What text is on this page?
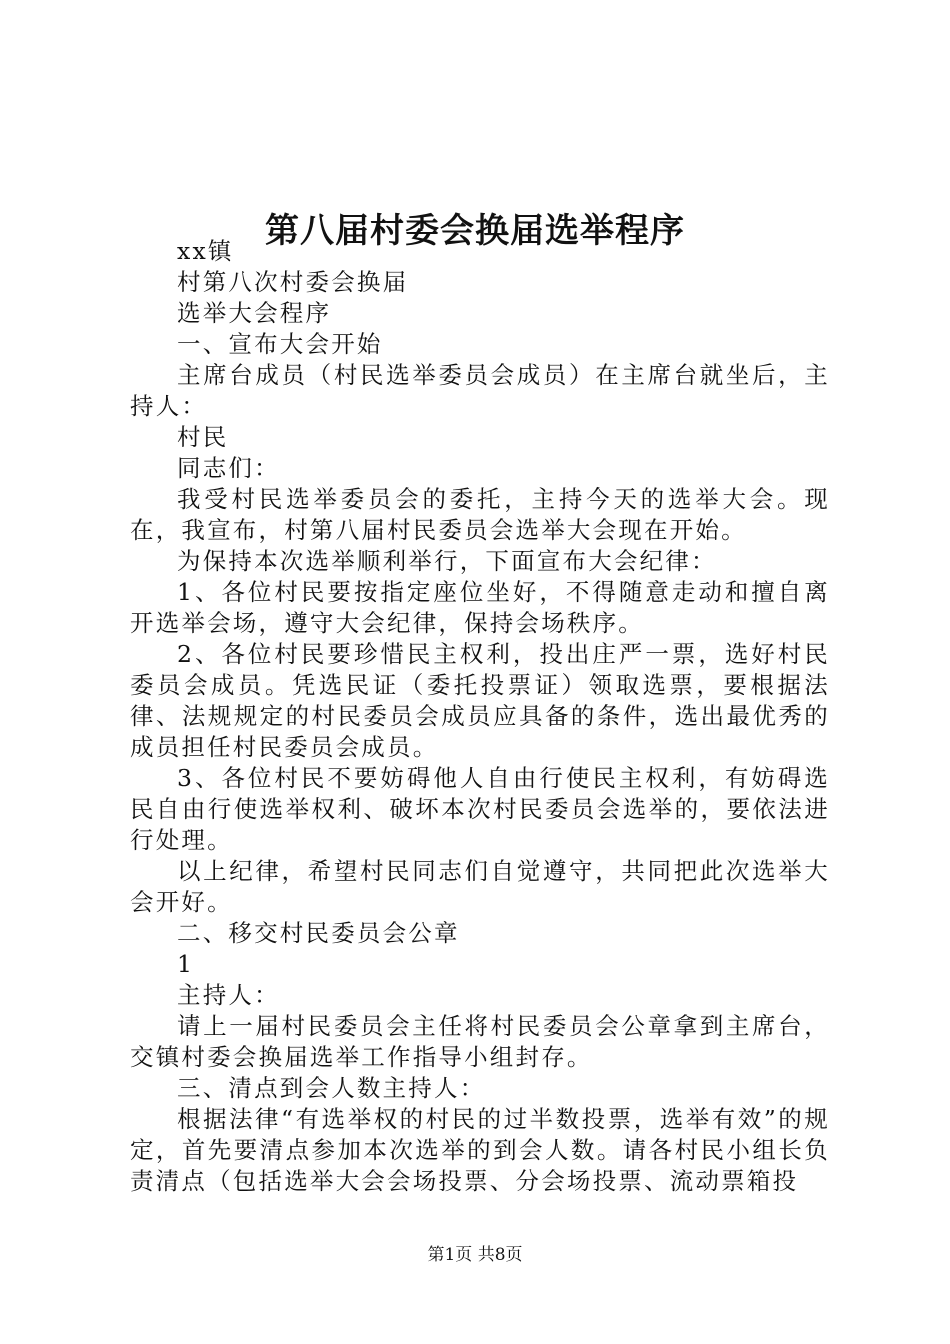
第八届村委会换届选举程序

xx镇

村第八次村委会换届

选举大会程序

一、宣布大会开始

主席台成员（村民选举委员会成员）在主席台就坐后，主持人：

村民

同志们：

我受村民选举委员会的委托，主持今天的选举大会。现在，我宣布，村第八届村民委员会选举大会现在开始。

为保持本次选举顺利举行，下面宣布大会纪律：

1、各位村民要按指定座位坐好，不得随意走动和擅自离开选举会场，遵守大会纪律，保持会场秩序。

2、各位村民要珍惜民主权利，投出庄严一票，选好村民委员会成员。凭选民证（委托投票证）领取选票，要根据法律、法规规定的村民委员会成员应具备的条件，选出最优秀的成员担任村民委员会成员。

3、各位村民不要妨碍他人自由行使民主权利，有妨碍选民自由行使选举权利、破坏本次村民委员会选举的，要依法进行处理。

以上纪律，希望村民同志们自觉遵守，共同把此次选举大会开好。

二、移交村民委员会公章

1

主持人：

请上一届村民委员会主任将村民委员会公章拿到主席台，交镇村委会换届选举工作指导小组封存。

三、清点到会人数主持人：

根据法律“有选举权的村民的过半数投票，选举有效”的规定，首先要清点参加本次选举的到会人数。请各村民小组长负责清点（包括选举大会会场投票、分会场投票、流动票箱投

第1页 共8页
